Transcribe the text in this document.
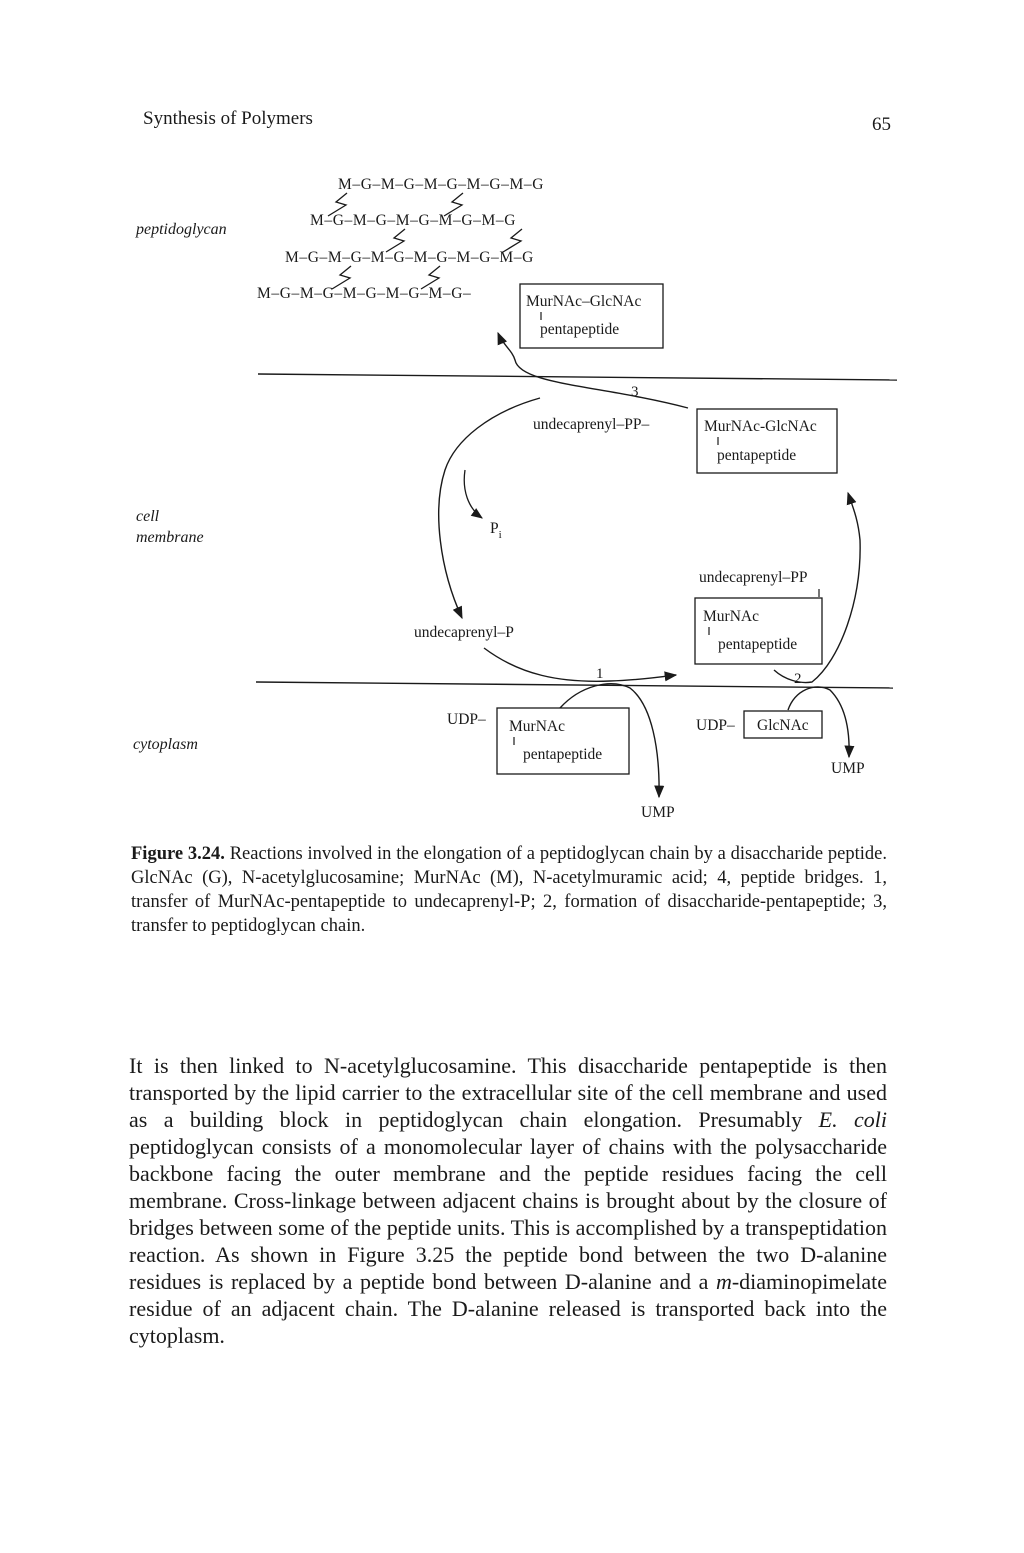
Synthesis of Polymers	65
peptidoglycan
cell
membrane
cytoplasm
M–G–M–G–M–G–M–G–M–G
M–G–M–G–M–G–M–G–M–G
M–G–M–G–M–G–M–G–M–G–M–G
M–G–M–G–M–G–M–G–M–G–	MurNAc–GlcNAc
pentapeptide
3
undecaprenyl–PP–
$P_i$
MurNAc-GlcNAc
pentapeptide
undecaprenyl–PP
MurNAc
pentapeptide
2
UDP– GlcNAc
UMP
undecaprenyl–P
1
UDP– MurNAc
pentapeptide
UMP
Figure 3.24. Reactions involved in the elongation of a peptidoglycan chain by a disaccharide peptide. GlcNAc (G), N-acetylglucosamine; MurNAc (M), N-acetylmuramic acid; 4, peptide bridges. 1, transfer of MurNAc-pentapeptide to undecaprenyl-P; 2, formation of disaccharide-pentapeptide; 3, transfer to peptidoglycan chain.
It is then linked to N-acetylglucosamine. This disaccharide pentapeptide is then transported by the lipid carrier to the extracellular site of the cell membrane and used as a building block in peptidoglycan chain elongation. Presumably E. coli peptidoglycan consists of a monomolecular layer of chains with the polysaccharide backbone facing the outer membrane and the peptide residues facing the cell membrane. Cross-linkage between adjacent chains is brought about by the closure of bridges between some of the peptide units. This is accomplished by a transpeptidation reaction. As shown in Figure 3.25 the peptide bond between the two D-alanine residues is replaced by a peptide bond between D-alanine and a m-diaminopimelate residue of an adjacent chain. The D-alanine released is transported back into the cytoplasm.
